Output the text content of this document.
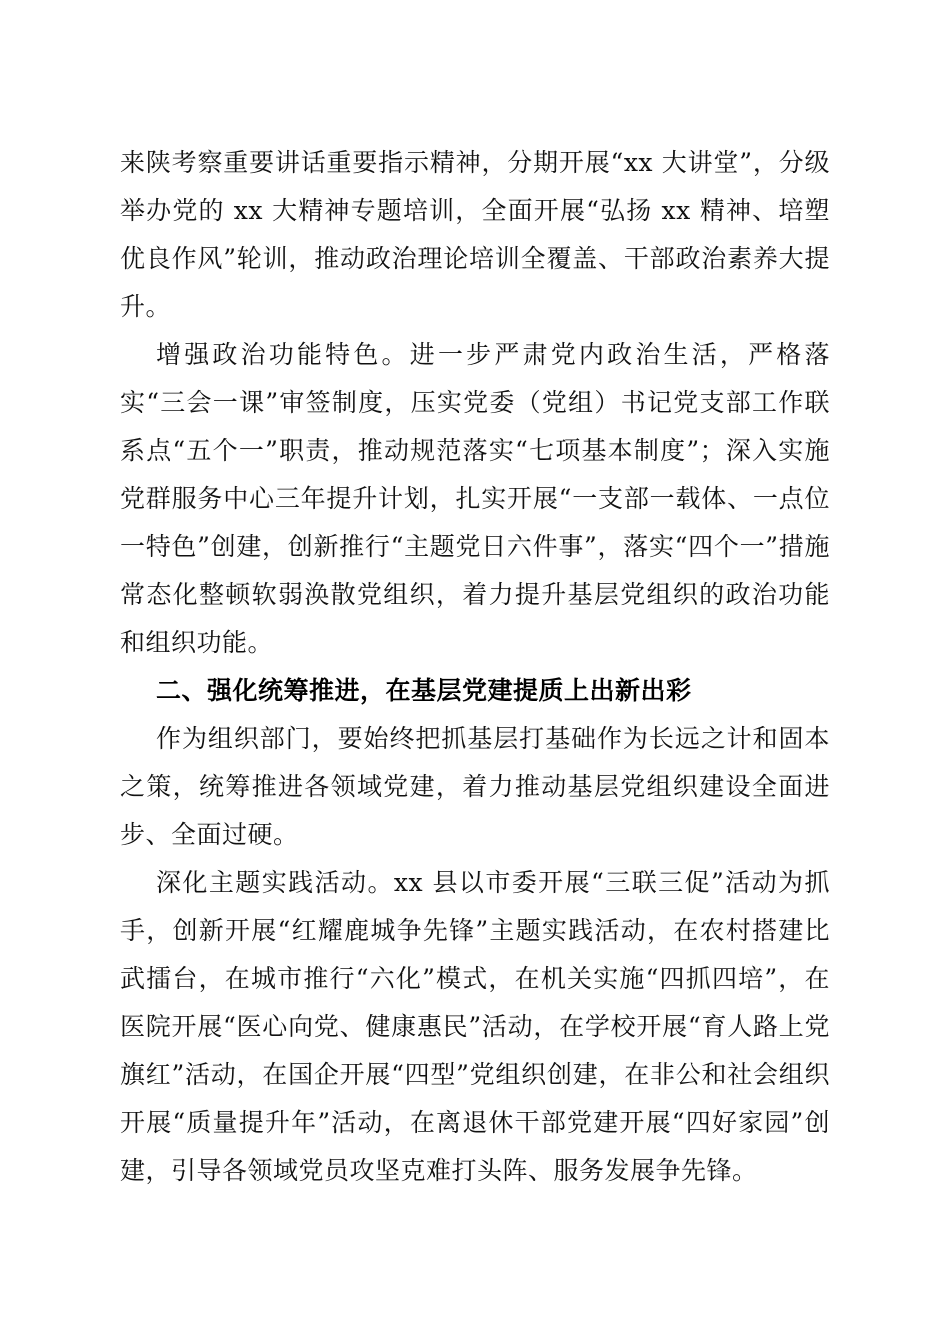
来陕考察重要讲话重要指示精神，分期开展“xx 大讲堂”，分级举办党的 xx 大精神专题培训，全面开展“弘扬 xx 精神、培塑优良作风”轮训，推动政治理论培训全覆盖、干部政治素养大提升。

增强政治功能特色。进一步严肃党内政治生活，严格落实“三会一课”审签制度，压实党委（党组）书记党支部工作联系点“五个一”职责，推动规范落实“七项基本制度”；深入实施党群服务中心三年提升计划，扎实开展“一支部一载体、一点位一特色”创建，创新推行“主题党日六件事”，落实“四个一”措施常态化整顿软弱涣散党组织，着力提升基层党组织的政治功能和组织功能。

二、强化统筹推进，在基层党建提质上出新出彩

作为组织部门，要始终把抓基层打基础作为长远之计和固本之策，统筹推进各领域党建，着力推动基层党组织建设全面进步、全面过硬。

深化主题实践活动。xx 县以市委开展“三联三促”活动为抓手，创新开展“红耀鹿城争先锋”主题实践活动，在农村搭建比武擂台，在城市推行“六化”模式，在机关实施“四抓四培”，在医院开展“医心向党、健康惠民”活动，在学校开展“育人路上党旗红”活动，在国企开展“四型”党组织创建，在非公和社会组织开展“质量提升年”活动，在离退休干部党建开展“四好家园”创建，引导各领域党员攻坚克难打头阵、服务发展争先锋。
